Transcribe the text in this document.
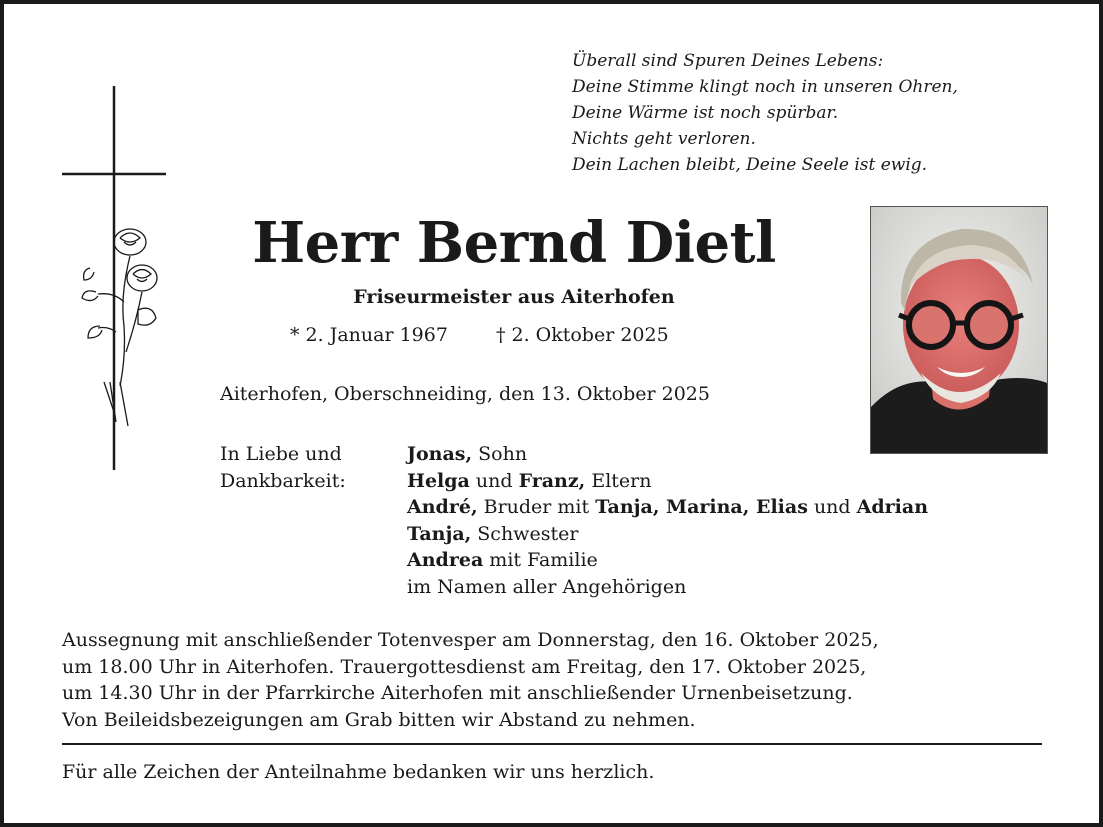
Überall sind Spuren Deines Lebens:
Deine Stimme klingt noch in unseren Ohren,
Deine Wärme ist noch spürbar.
Nichts geht verloren.
Dein Lachen bleibt, Deine Seele ist ewig.
Herr Bernd Dietl
Friseurmeister aus Aiterhofen
* 2. Januar 1967	† 2. Oktober 2025
Aiterhofen, Oberschneiding, den 13. Oktober 2025
In Liebe und
Dankbarkeit:
Jonas, Sohn
Helga und Franz, Eltern
André, Bruder mit Tanja, Marina, Elias und Adrian
Tanja, Schwester
Andrea mit Familie
im Namen aller Angehörigen
Aussegnung mit anschließender Totenvesper am Donnerstag, den 16. Oktober 2025,
um 18.00 Uhr in Aiterhofen. Trauergottesdienst am Freitag, den 17. Oktober 2025,
um 14.30 Uhr in der Pfarrkirche Aiterhofen mit anschließender Urnenbeisetzung.
Von Beileidsbezeigungen am Grab bitten wir Abstand zu nehmen.
Für alle Zeichen der Anteilnahme bedanken wir uns herzlich.
